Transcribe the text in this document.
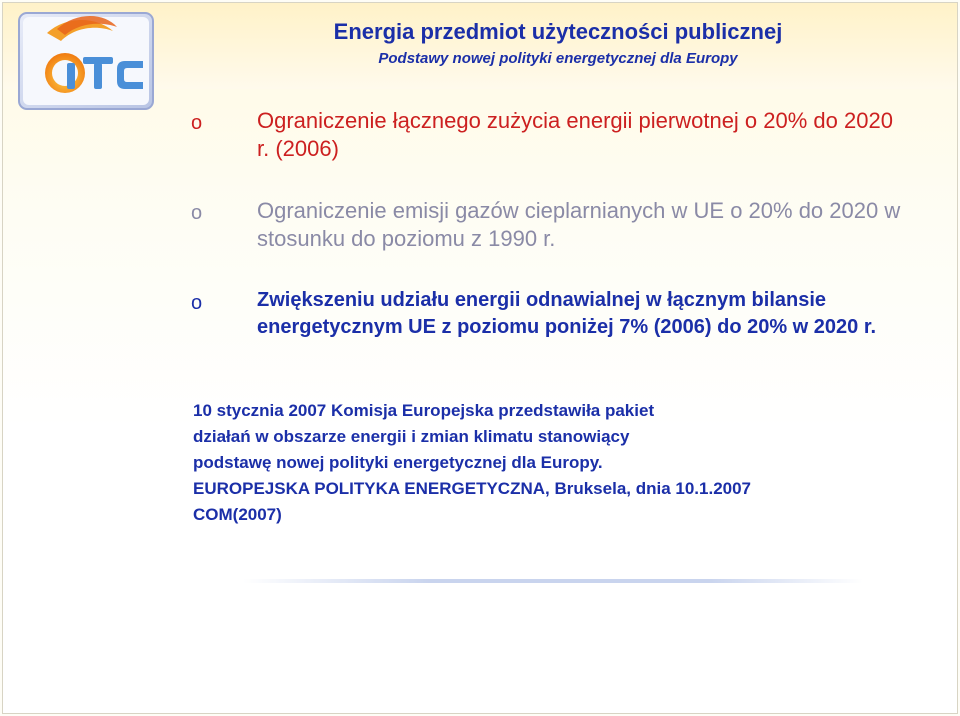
Energia przedmiot użyteczności publicznej
Podstawy nowej polityki energetycznej dla Europy
o	Ograniczenie łącznego zużycia energii pierwotnej o 20% do 2020 r. (2006)
o	Ograniczenie emisji gazów cieplarnianych w UE o 20% do 2020 w stosunku do poziomu z 1990 r.
o	Zwiększeniu udziału energii odnawialnej w łącznym bilansie energetycznym UE z poziomu poniżej 7% (2006) do 20% w 2020 r.
10 stycznia 2007 Komisja Europejska przedstawiła pakiet
działań w obszarze energii i zmian klimatu stanowiący
podstawę nowej polityki energetycznej dla Europy.
EUROPEJSKA POLITYKA ENERGETYCZNA, Bruksela, dnia 10.1.2007
COM(2007)
